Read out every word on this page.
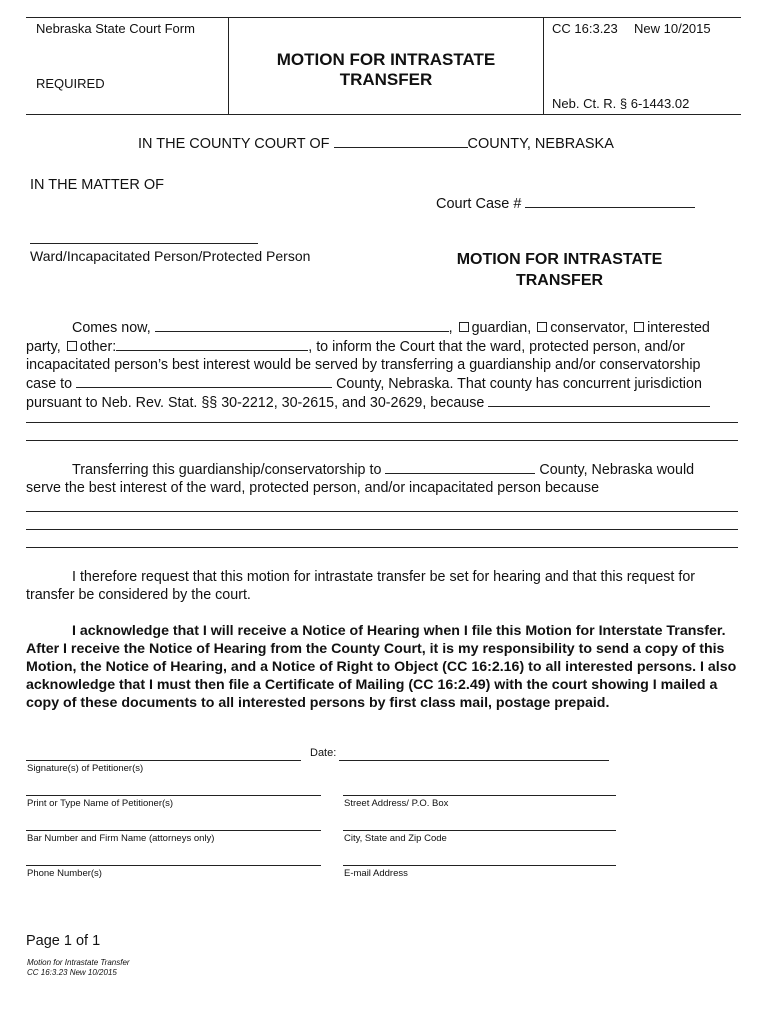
Nebraska State Court Form
REQUIRED
MOTION FOR INTRASTATE
TRANSFER
CC 16:3.23 New 10/2015
Neb. Ct. R. § 6-1443.02
IN THE COUNTY COURT OF	COUNTY, NEBRASKA
IN THE MATTER OF
Court Case #
Ward/Incapacitated Person/Protected Person	MOTION FOR INTRASTATE
TRANSFER
Comes now,	, guardian, conservator, interested
party, other:	, to inform the Court that the ward, protected person, and/or
incapacitated person’s best interest would be served by transferring a guardianship and/or conservatorship
case to	County, Nebraska. That county has concurrent jurisdiction
pursuant to Neb. Rev. Stat. §§ 30-2212, 30-2615, and 30-2629, because
Transferring this guardianship/conservatorship to	County, Nebraska would
serve the best interest of the ward, protected person, and/or incapacitated person because
I therefore request that this motion for intrastate transfer be set for hearing and that this request for transfer be considered by the court.
I acknowledge that I will receive a Notice of Hearing when I file this Motion for Interstate Transfer. After I receive the Notice of Hearing from the County Court, it is my responsibility to send a copy of this Motion, the Notice of Hearing, and a Notice of Right to Object (CC 16:2.16) to all interested persons. I also acknowledge that I must then file a Certificate of Mailing (CC 16:2.49) with the court showing I mailed a copy of these documents to all interested persons by first class mail, postage prepaid.
Date:
Signature(s) of Petitioner(s)
Print or Type Name of Petitioner(s)	Street Address/ P.O. Box
Bar Number and Firm Name (attorneys only)	City, State and Zip Code
Phone Number(s)	E-mail Address
Page 1 of 1
Motion for Intrastate Transfer
CC 16:3.23 New 10/2015
